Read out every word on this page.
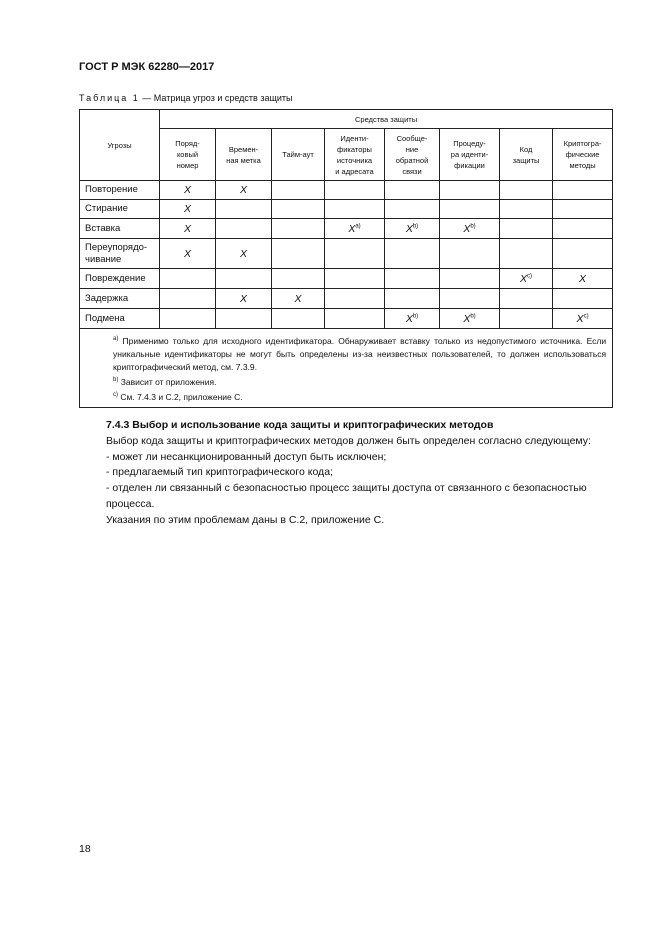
ГОСТ Р МЭК 62280—2017
Таблица 1 — Матрица угроз и средств защиты
Угрозы	Средства защиты							
	Поряд-
ковый
номер	Времен-
ная метка	Тайм-аут	Иденти-
фикаторы
источника
и адресата	Сообще-
ние
обратной
связи	Процеду-
ра иденти-
фикации	Код
защиты	Криптогра-
фические
методы
Повторение	X	X						
Стирание	X							
Вставка	X			$X^{a)}$	$X^{b)}$	$X^{b)}$		
Переупорядо-
чивание	X	X						
Повреждение							$X^{c)}$	X
Задержка		X	X					
Подмена					$X^{b)}$	$X^{b)}$		$X^{c)}$

$^{a)}$ Применимо только для исходного идентификатора. Обнаруживает вставку только из недопустимого источника. Если уникальные идентификаторы не могут быть определены из-за неизвестных пользователей, то должен использоваться криптографический метод, см. 7.3.9.

$^{b)}$ Зависит от приложения.

$^{c)}$ См. 7.4.3 и С.2, приложение С.								

7.4.3 Выбор и использование кода защиты и криптографических методов

Выбор кода защиты и криптографических методов должен быть определен согласно следующему:

- может ли несанкционированный доступ быть исключен;

- предлагаемый тип криптографического кода;

- отделен ли связанный с безопасностью процесс защиты доступа от связанного с безопасностью процесса.

Указания по этим проблемам даны в С.2, приложение С.

18
